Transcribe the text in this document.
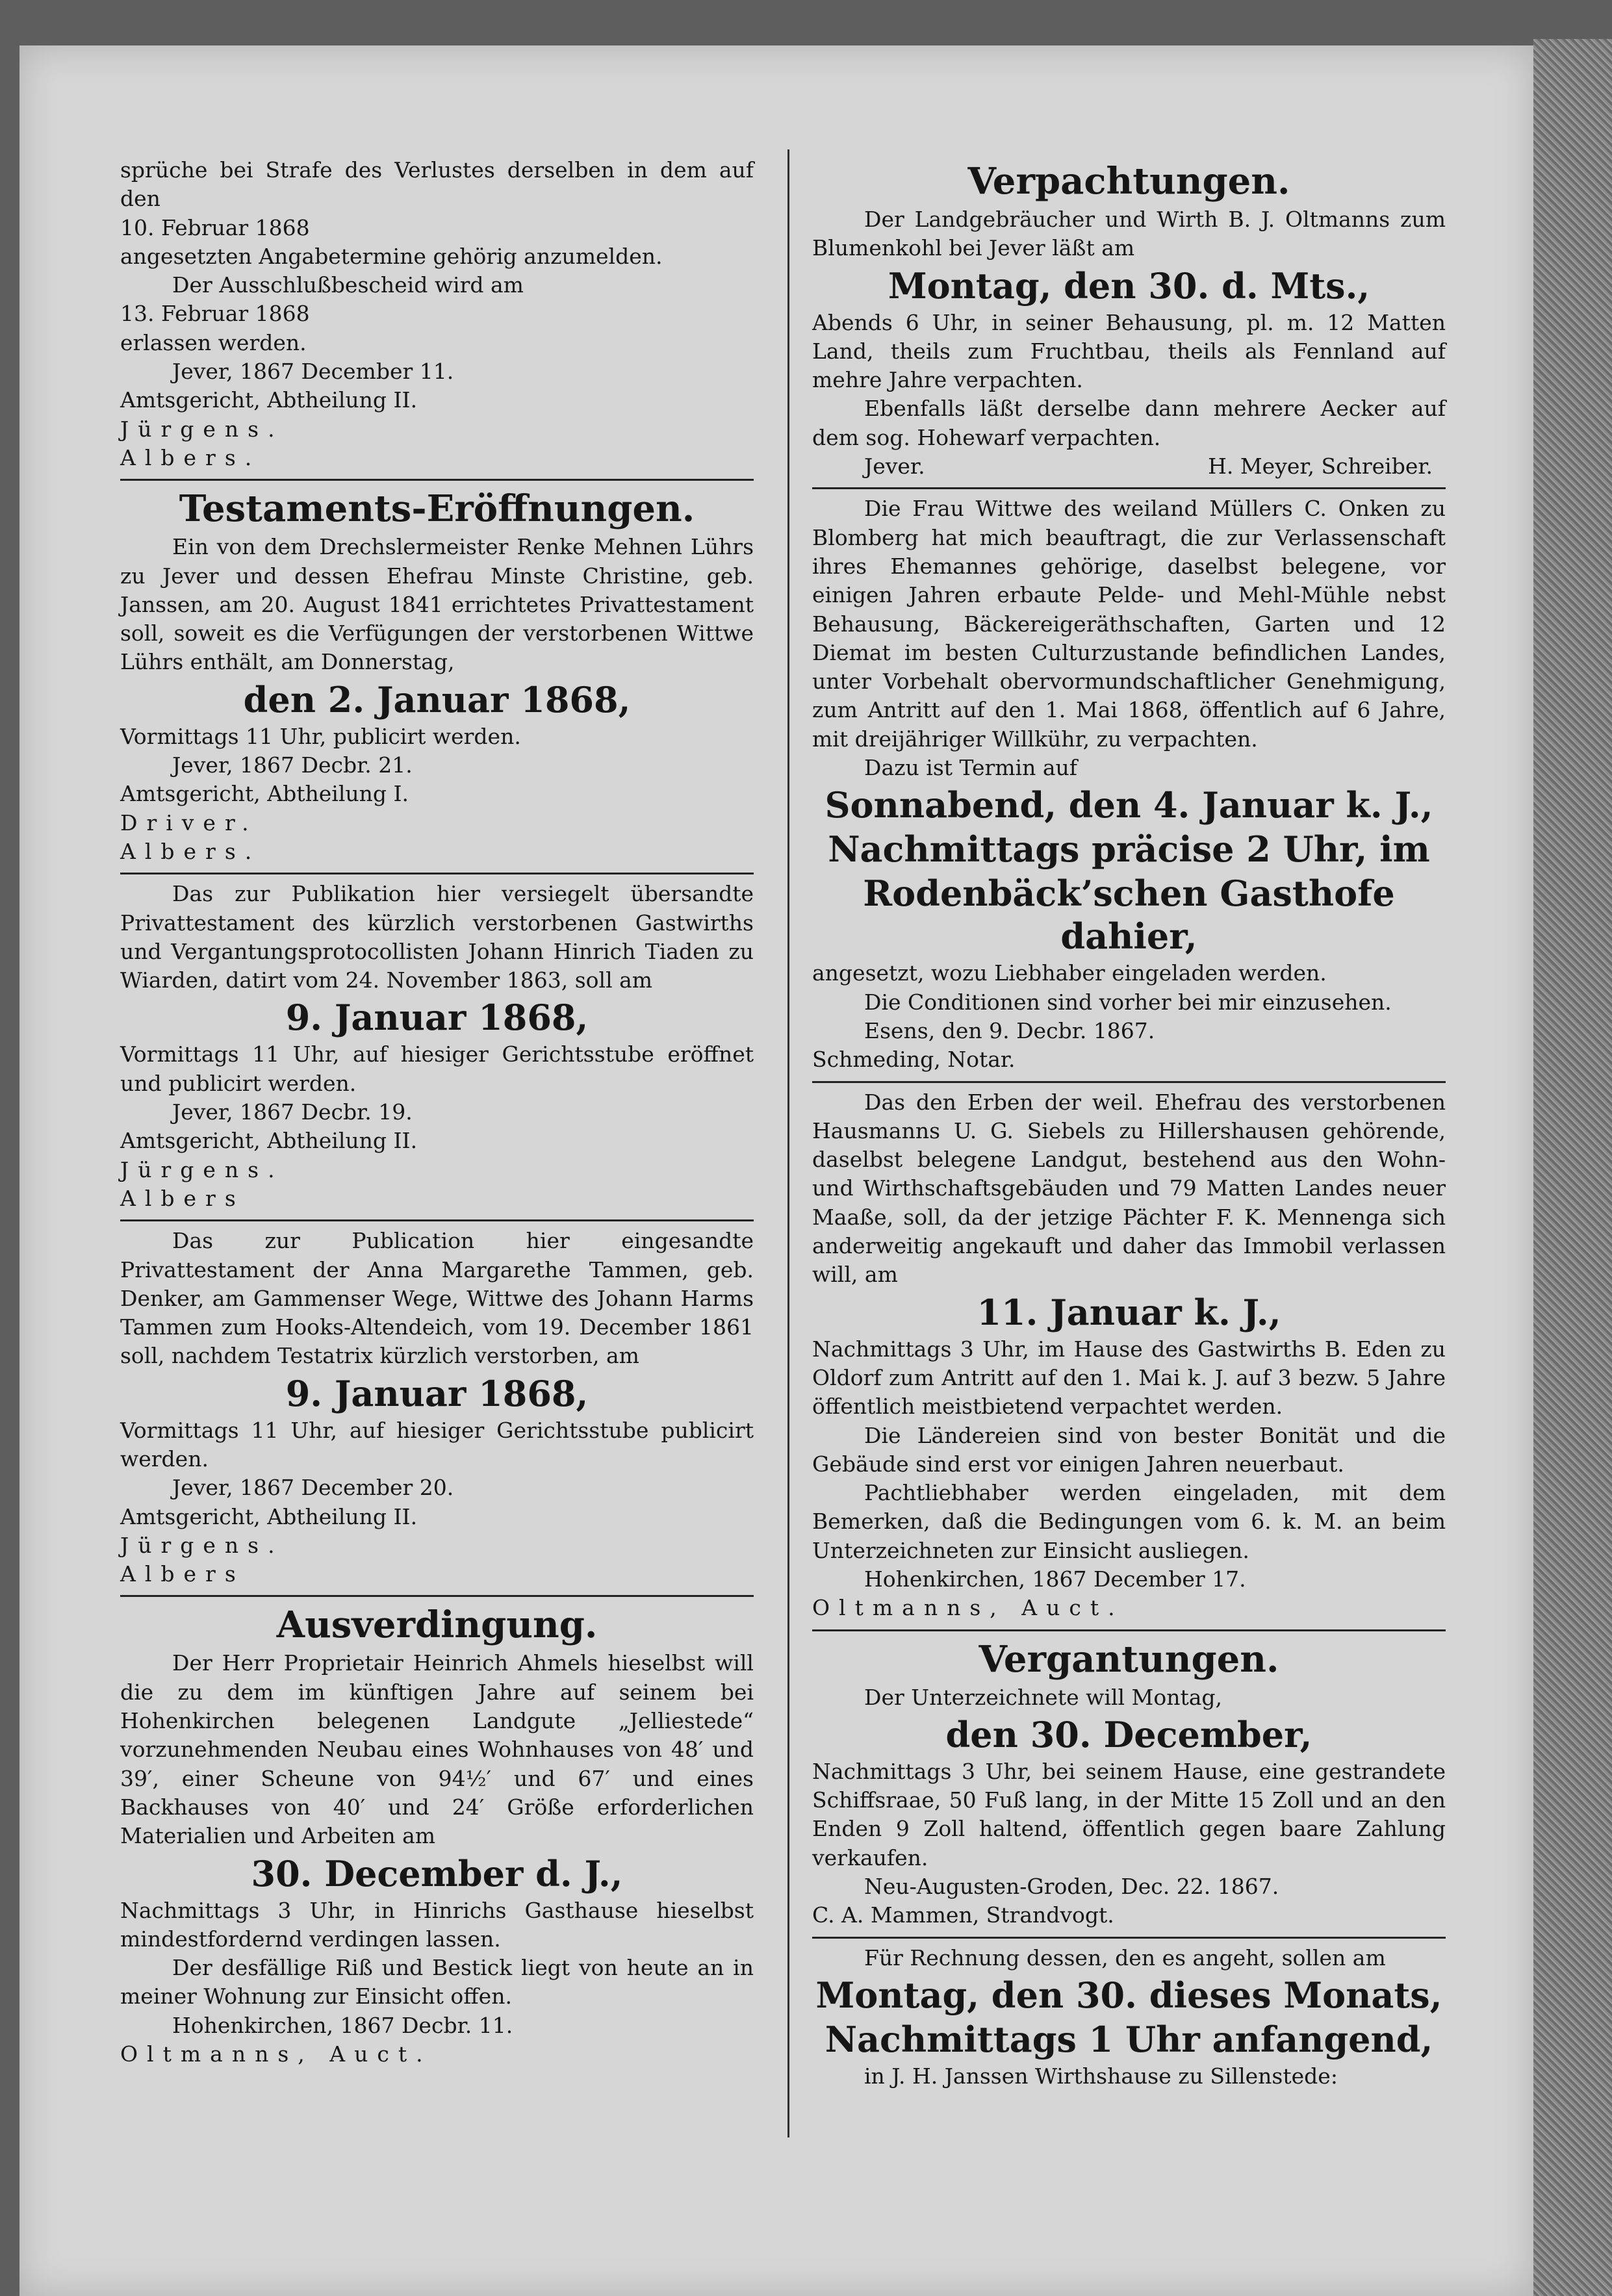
sprüche bei Strafe des Verlustes derselben in dem auf den

10. Februar 1868

angesetzten Angabetermine gehörig anzumelden.

Der Ausschlußbescheid wird am

13. Februar 1868

erlassen werden.

Jever, 1867 December 11.

Amtsgericht, Abtheilung II.

Jürgens.

Albers.

Testaments-Eröffnungen.

Ein von dem Drechslermeister Renke Mehnen Lührs zu Jever und dessen Ehefrau Minste Christine, geb. Janssen, am 20. August 1841 errichtetes Privattestament soll, soweit es die Verfügungen der verstorbenen Wittwe Lührs enthält, am Donnerstag,

den 2. Januar 1868,

Vormittags 11 Uhr, publicirt werden.

Jever, 1867 Decbr. 21.

Amtsgericht, Abtheilung I.

Driver.

Albers.

Das zur Publikation hier versiegelt übersandte Privattestament des kürzlich verstorbenen Gastwirths und Vergantungsprotocollisten Johann Hinrich Tiaden zu Wiarden, datirt vom 24. November 1863, soll am

9. Januar 1868,

Vormittags 11 Uhr, auf hiesiger Gerichtsstube eröffnet und publicirt werden.

Jever, 1867 Decbr. 19.

Amtsgericht, Abtheilung II.

Jürgens.

Albers

Das zur Publication hier eingesandte Privattestament der Anna Margarethe Tammen, geb. Denker, am Gammenser Wege, Wittwe des Johann Harms Tammen zum Hooks-Altendeich, vom 19. December 1861 soll, nachdem Testatrix kürzlich verstorben, am

9. Januar 1868,

Vormittags 11 Uhr, auf hiesiger Gerichtsstube publicirt werden.

Jever, 1867 December 20.

Amtsgericht, Abtheilung II.

Jürgens.

Albers

Ausverdingung.

Der Herr Proprietair Heinrich Ahmels hieselbst will die zu dem im künftigen Jahre auf seinem bei Hohenkirchen belegenen Landgute „Jelliestede“ vorzunehmenden Neubau eines Wohnhauses von 48′ und 39′, einer Scheune von 94½′ und 67′ und eines Backhauses von 40′ und 24′ Größe erforderlichen Materialien und Arbeiten am

30. December d. J.,

Nachmittags 3 Uhr, in Hinrichs Gasthause hieselbst mindestfordernd verdingen lassen.

Der desfällige Riß und Bestick liegt von heute an in meiner Wohnung zur Einsicht offen.

Hohenkirchen, 1867 Decbr. 11.

Oltmanns, Auct.

Verpachtungen.

Der Landgebräucher und Wirth B. J. Oltmanns zum Blumenkohl bei Jever läßt am

Montag, den 30. d. Mts.,

Abends 6 Uhr, in seiner Behausung, pl. m. 12 Matten Land, theils zum Fruchtbau, theils als Fennland auf mehre Jahre verpachten.

Ebenfalls läßt derselbe dann mehrere Aecker auf dem sog. Hohewarf verpachten.

Jever.	H. Meyer, Schreiber.

Die Frau Wittwe des weiland Müllers C. Onken zu Blomberg hat mich beauftragt, die zur Verlassenschaft ihres Ehemannes gehörige, daselbst belegene, vor einigen Jahren erbaute Pelde- und Mehl-Mühle nebst Behausung, Bäckereigeräthschaften, Garten und 12 Diemat im besten Culturzustande befindlichen Landes, unter Vorbehalt obervormundschaftlicher Genehmigung, zum Antritt auf den 1. Mai 1868, öffentlich auf 6 Jahre, mit dreijähriger Willkühr, zu verpachten.

Dazu ist Termin auf

Sonnabend, den 4. Januar k. J.,
Nachmittags präcise 2 Uhr, im
Rodenbäck’schen Gasthofe dahier,

angesetzt, wozu Liebhaber eingeladen werden.

Die Conditionen sind vorher bei mir einzusehen.

Esens, den 9. Decbr. 1867.

Schmeding, Notar.

Das den Erben der weil. Ehefrau des verstorbenen Hausmanns U. G. Siebels zu Hillershausen gehörende, daselbst belegene Landgut, bestehend aus den Wohn- und Wirthschaftsgebäuden und 79 Matten Landes neuer Maaße, soll, da der jetzige Pächter F. K. Mennenga sich anderweitig angekauft und daher das Immobil verlassen will, am

11. Januar k. J.,

Nachmittags 3 Uhr, im Hause des Gastwirths B. Eden zu Oldorf zum Antritt auf den 1. Mai k. J. auf 3 bezw. 5 Jahre öffentlich meistbietend verpachtet werden.

Die Ländereien sind von bester Bonität und die Gebäude sind erst vor einigen Jahren neuerbaut.

Pachtliebhaber werden eingeladen, mit dem Bemerken, daß die Bedingungen vom 6. k. M. an beim Unterzeichneten zur Einsicht ausliegen.

Hohenkirchen, 1867 December 17.

Oltmanns, Auct.

Vergantungen.

Der Unterzeichnete will Montag,

den 30. December,

Nachmittags 3 Uhr, bei seinem Hause, eine gestrandete Schiffsraae, 50 Fuß lang, in der Mitte 15 Zoll und an den Enden 9 Zoll haltend, öffentlich gegen baare Zahlung verkaufen.

Neu-Augusten-Groden, Dec. 22. 1867.

C. A. Mammen, Strandvogt.

Für Rechnung dessen, den es angeht, sollen am

Montag, den 30. dieses Monats,
Nachmittags 1 Uhr anfangend,

in J. H. Janssen Wirthshause zu Sillenstede:
